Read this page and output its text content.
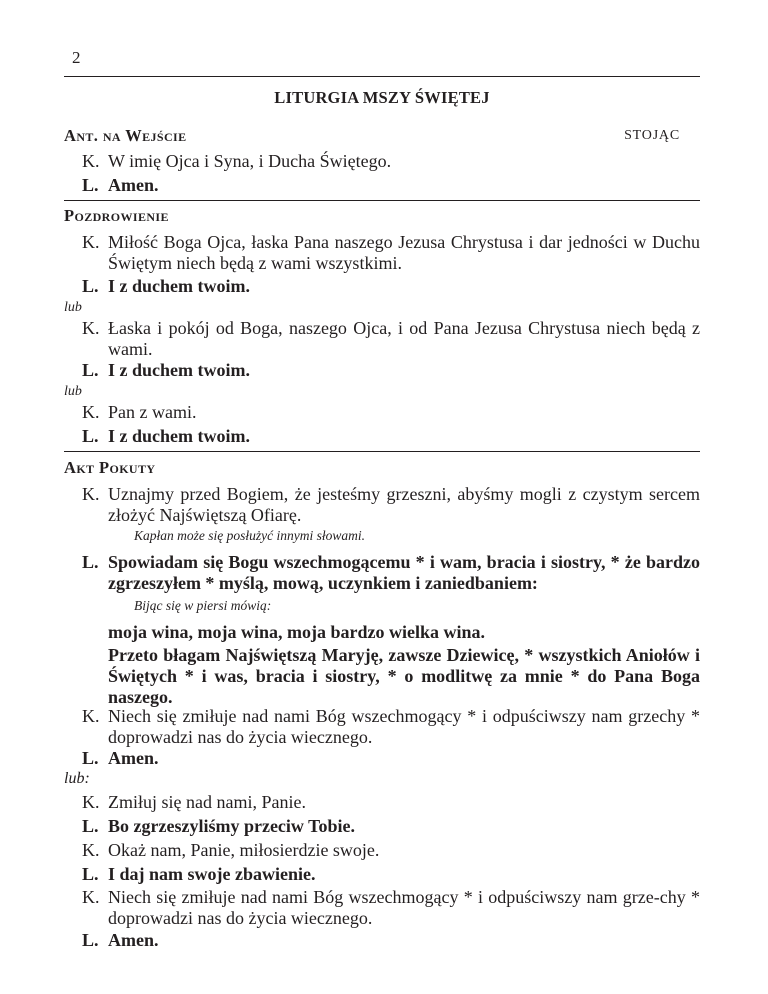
2
LITURGIA MSZY ŚWIĘTEJ
Ant. na Wejście	STOJĄC
K. W imię Ojca i Syna, i Ducha Świętego.
L. Amen.
Pozdrowienie
K. Miłość Boga Ojca, łaska Pana naszego Jezusa Chrystusa i dar jedności w Duchu Świętym niech będą z wami wszystkimi.
L. I z duchem twoim.
lub
K. Łaska i pokój od Boga, naszego Ojca, i od Pana Jezusa Chrystusa niech będą z wami.
L. I z duchem twoim.
lub
K. Pan z wami.
L. I z duchem twoim.
Akt Pokuty
K. Uznajmy przed Bogiem, że jesteśmy grzeszni, abyśmy mogli z czystym sercem złożyć Najświętszą Ofiarę.
Kapłan może się posłużyć innymi słowami.
L. Spowiadam się Bogu wszechmogącemu * i wam, bracia i siostry, * że bardzo zgrzeszyłem * myślą, mową, uczynkiem i zaniedbaniem:
Bijąc się w piersi mówią:
moja wina, moja wina, moja bardzo wielka wina.
Przeto błagam Najświętszą Maryję, zawsze Dziewicę, * wszystkich Aniołów i Świętych * i was, bracia i siostry, * o modlitwę za mnie * do Pana Boga naszego.
K. Niech się zmiłuje nad nami Bóg wszechmogący * i odpuściwszy nam grzechy * doprowadzi nas do życia wiecznego.
L. Amen.
lub:
K. Zmiłuj się nad nami, Panie.
L. Bo zgrzeszyliśmy przeciw Tobie.
K. Okaż nam, Panie, miłosierdzie swoje.
L. I daj nam swoje zbawienie.
K. Niech się zmiłuje nad nami Bóg wszechmogący * i odpuściwszy nam grze-chy * doprowadzi nas do życia wiecznego.
L. Amen.
